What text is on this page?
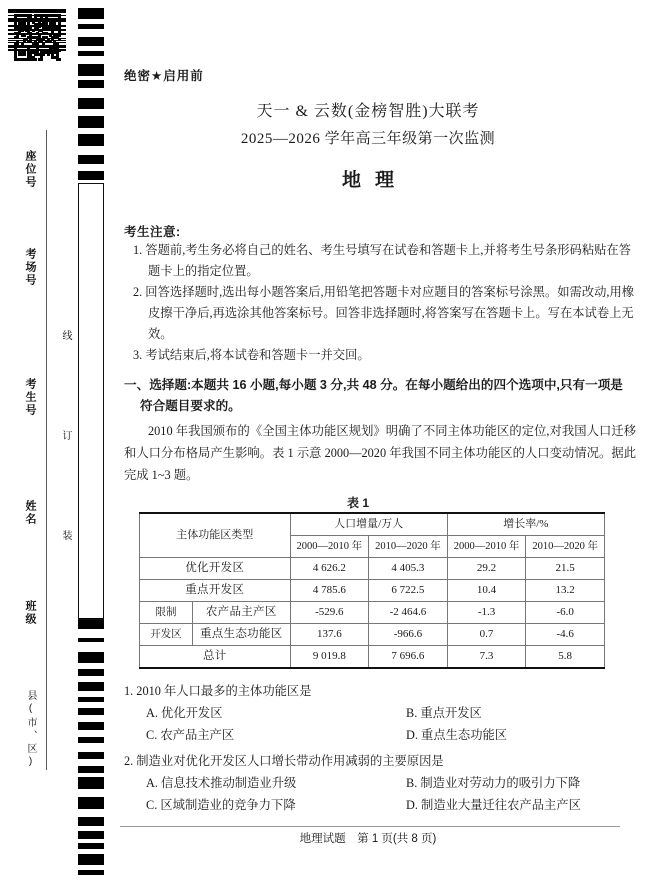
座位号
考场号
考生号
姓名
班级
县(市、区)
线
订
装
绝密★启用前
天一 & 云数(金榜智胜)大联考
2025—2026 学年高三年级第一次监测
地理
考生注意:
1. 答题前,考生务必将自己的姓名、考生号填写在试卷和答题卡上,并将考生号条形码粘贴在答题卡上的指定位置。
2. 回答选择题时,选出每小题答案后,用铅笔把答题卡对应题目的答案标号涂黑。如需改动,用橡皮擦干净后,再选涂其他答案标号。回答非选择题时,将答案写在答题卡上。写在本试卷上无效。
3. 考试结束后,将本试卷和答题卡一并交回。
一、选择题:本题共 16 小题,每小题 3 分,共 48 分。在每小题给出的四个选项中,只有一项是
符合题目要求的。
2010 年我国颁布的《全国主体功能区规划》明确了不同主体功能区的定位,对我国人口迁移和人口分布格局产生影响。表 1 示意 2000—2020 年我国不同主体功能区的人口变动情况。据此完成 1~3 题。
表 1
主体功能区类型		人口增量/万人		增长率/%	
		2000—2010 年	2010—2020 年	2000—2010 年	2010—2020 年
优化开发区		4 626.2	4 405.3	29.2	21.5
重点开发区		4 785.6	6 722.5	10.4	13.2
限制	农产品主产区	-529.6	-2 464.6	-1.3	-6.0
开发区	重点生态功能区	137.6	-966.6	0.7	-4.6
总计		9 019.8	7 696.6	7.3	5.8
1. 2010 年人口最多的主体功能区是
A. 优化开发区	B. 重点开发区
C. 农产品主产区	D. 重点生态功能区
2. 制造业对优化开发区人口增长带动作用减弱的主要原因是
A. 信息技术推动制造业升级	B. 制造业对劳动力的吸引力下降
C. 区域制造业的竞争力下降	D. 制造业大量迁往农产品主产区
地理试题　第 1 页(共 8 页)
